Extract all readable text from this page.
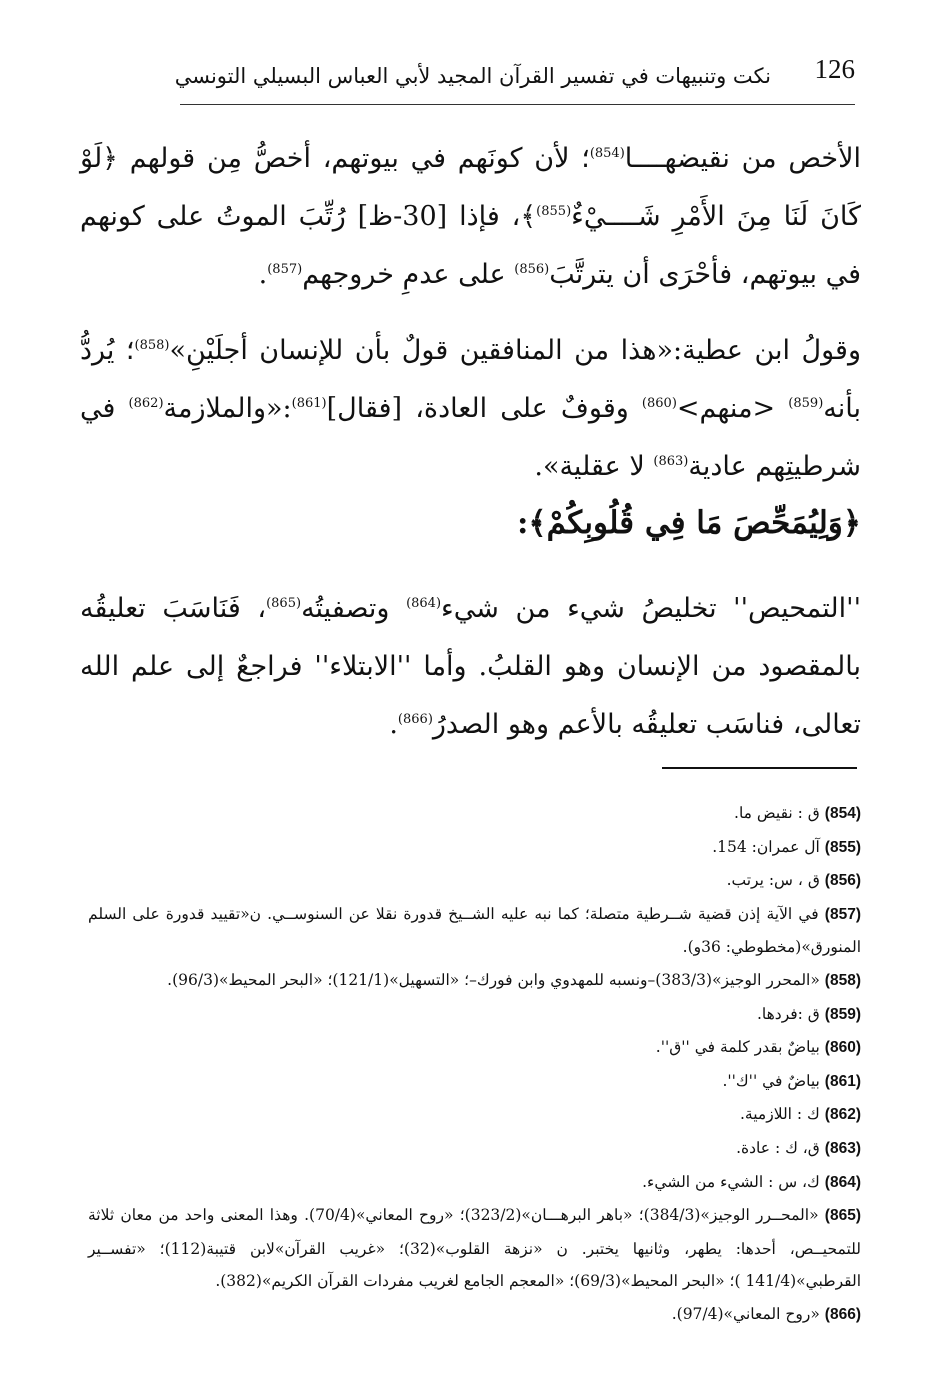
126
نكت وتنبيهات في تفسير القرآن المجيد لأبي العباس البسيلي التونسي
الأخص من نقيضهــــا$^{(854)}$؛ لأن كونَهم في بيوتهم، أخصُّ مِن قولهم ﴿لَوْ كَانَ لَنَا مِنَ الأَمْرِ شَــــيْءٌ$^{(855)}$﴾، فإذا [30-ظ] رُتِّبَ الموتُ على كونهم في بيوتهم، فأحْرَى أن يترتَّبَ$^{(856)}$ على عدمِ خروجهم$^{(857)}$.
وقولُ ابن عطية:«هذا من المنافقين قولٌ بأن للإنسان أجلَيْنِ»$^{(858)}$؛ يُردُّ بأنه$^{(859)}$ <منهم>$^{(860)}$ وقوفٌ على العادة، [فقال]$^{(861)}$:«والملازمة$^{(862)}$ في شرطيتِهم عادية$^{(863)}$ لا عقلية».
﴿وَلِيُمَحِّصَ مَا فِي قُلُوبِكُمْ﴾:
''التمحيص'' تخليصُ شيء من شيء$^{(864)}$ وتصفيتُه$^{(865)}$، فَنَاسَبَ تعليقُه بالمقصود من الإنسان وهو القلبُ. وأما ''الابتلاء'' فراجعٌ إلى علم الله تعالى، فناسَب تعليقُه بالأعم وهو الصدرُ$^{(866)}$.
(854) ق : نقيض ما.
(855) آل عمران: 154.
(856) ق ، س: يرتب.
(857) في الآية إذن قضية شــرطية متصلة؛ كما نبه عليه الشــيخ قدورة نقلا عن السنوســي. ن«تقييد قدورة على السلم المنورق»(مخطوطي: 36و).
(858) «المحرر الوجيز»(383/3)–ونسبه للمهدوي وابن فورك–؛ «التسهيل»(121/1)؛ «البحر المحيط»(96/3).
(859) ق :فردها.
(860) بياضٌ بقدر كلمة في ''ق''.
(861) بياضٌ في ''ك''.
(862) ك : اللازمية.
(863) ق، ك : عادة.
(864) ك، س : الشيء من الشيء.
(865) «المحــرر الوجيز»(384/3)؛ «باهر البرهـــان»(323/2)؛ «روح المعاني»(70/4). وهذا المعنى واحد من معان ثلاثة للتمحيــص، أحدها: يطهر، وثانيها يختبر. ن «نزهة القلوب»(32)؛ «غريب القرآن»لابن قتيبة(112)؛ «تفســير القرطبي»(141/4 )؛ «البحر المحيط»(69/3)؛ «المعجم الجامع لغريب مفردات القرآن الكريم»(382).
(866) «روح المعاني»(97/4).
